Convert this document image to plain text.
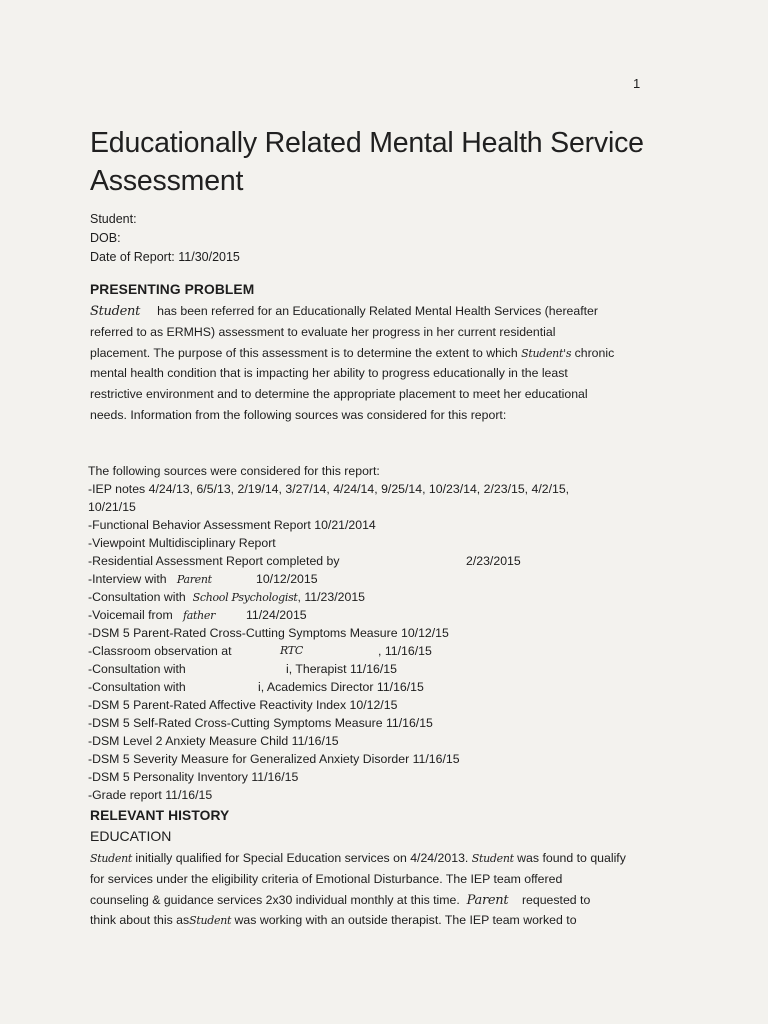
1
Educationally Related Mental Health Service Assessment
Student:
DOB:
Date of Report: 11/30/2015
PRESENTING PROBLEM
Student has been referred for an Educationally Related Mental Health Services (hereafter
referred to as ERMHS) assessment to evaluate her progress in her current residential
placement. The purpose of this assessment is to determine the extent to which Student's chronic
mental health condition that is impacting her ability to progress educationally in the least
restrictive environment and to determine the appropriate placement to meet her educational
needs. Information from the following sources was considered for this report:
The following sources were considered for this report:
-IEP notes 4/24/13, 6/5/13, 2/19/14, 3/27/14, 4/24/14, 9/25/14, 10/23/14, 2/23/15, 4/2/15,
10/21/15
-Functional Behavior Assessment Report 10/21/2014
-Viewpoint Multidisciplinary Report
-Residential Assessment Report completed by	2/23/2015
-Interview with Parent	10/12/2015
-Consultation with School Psychologist, 11/23/2015
-Voicemail from father	11/24/2015
-DSM 5 Parent-Rated Cross-Cutting Symptoms Measure 10/12/15
-Classroom observation at	RTC	, 11/16/15
-Consultation with	i, Therapist 11/16/15
-Consultation with	i, Academics Director 11/16/15
-DSM 5 Parent-Rated Affective Reactivity Index 10/12/15
-DSM 5 Self-Rated Cross-Cutting Symptoms Measure 11/16/15
-DSM Level 2 Anxiety Measure Child 11/16/15
-DSM 5 Severity Measure for Generalized Anxiety Disorder 11/16/15
-DSM 5 Personality Inventory 11/16/15
-Grade report 11/16/15
RELEVANT HISTORY
EDUCATION
Student initially qualified for Special Education services on 4/24/2013. Student was found to qualify
for services under the eligibility criteria of Emotional Disturbance. The IEP team offered
counseling & guidance services 2x30 individual monthly at this time. Parent requested to
think about this asStudent was working with an outside therapist. The IEP team worked to
